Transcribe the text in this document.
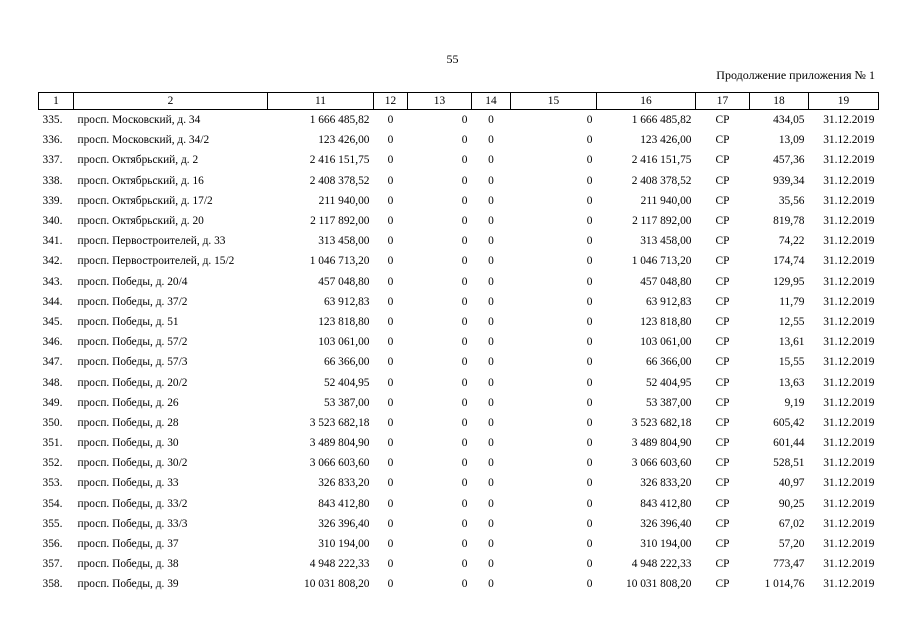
55
Продолжение приложения № 1
1	2	11	12	13	14	15	16	17	18	19
335.	просп. Московский, д. 34	1 666 485,82	0	0	0	0	1 666 485,82	СР	434,05	31.12.2019
336.	просп. Московский, д. 34/2	123 426,00	0	0	0	0	123 426,00	СР	13,09	31.12.2019
337.	просп. Октябрьский, д. 2	2 416 151,75	0	0	0	0	2 416 151,75	СР	457,36	31.12.2019
338.	просп. Октябрьский, д. 16	2 408 378,52	0	0	0	0	2 408 378,52	СР	939,34	31.12.2019
339.	просп. Октябрьский, д. 17/2	211 940,00	0	0	0	0	211 940,00	СР	35,56	31.12.2019
340.	просп. Октябрьский, д. 20	2 117 892,00	0	0	0	0	2 117 892,00	СР	819,78	31.12.2019
341.	просп. Первостроителей, д. 33	313 458,00	0	0	0	0	313 458,00	СР	74,22	31.12.2019
342.	просп. Первостроителей, д. 15/2	1 046 713,20	0	0	0	0	1 046 713,20	СР	174,74	31.12.2019
343.	просп. Победы, д. 20/4	457 048,80	0	0	0	0	457 048,80	СР	129,95	31.12.2019
344.	просп. Победы, д. 37/2	63 912,83	0	0	0	0	63 912,83	СР	11,79	31.12.2019
345.	просп. Победы, д. 51	123 818,80	0	0	0	0	123 818,80	СР	12,55	31.12.2019
346.	просп. Победы, д. 57/2	103 061,00	0	0	0	0	103 061,00	СР	13,61	31.12.2019
347.	просп. Победы, д. 57/3	66 366,00	0	0	0	0	66 366,00	СР	15,55	31.12.2019
348.	просп. Победы, д. 20/2	52 404,95	0	0	0	0	52 404,95	СР	13,63	31.12.2019
349.	просп. Победы, д. 26	53 387,00	0	0	0	0	53 387,00	СР	9,19	31.12.2019
350.	просп. Победы, д. 28	3 523 682,18	0	0	0	0	3 523 682,18	СР	605,42	31.12.2019
351.	просп. Победы, д. 30	3 489 804,90	0	0	0	0	3 489 804,90	СР	601,44	31.12.2019
352.	просп. Победы, д. 30/2	3 066 603,60	0	0	0	0	3 066 603,60	СР	528,51	31.12.2019
353.	просп. Победы, д. 33	326 833,20	0	0	0	0	326 833,20	СР	40,97	31.12.2019
354.	просп. Победы, д. 33/2	843 412,80	0	0	0	0	843 412,80	СР	90,25	31.12.2019
355.	просп. Победы, д. 33/3	326 396,40	0	0	0	0	326 396,40	СР	67,02	31.12.2019
356.	просп. Победы, д. 37	310 194,00	0	0	0	0	310 194,00	СР	57,20	31.12.2019
357.	просп. Победы, д. 38	4 948 222,33	0	0	0	0	4 948 222,33	СР	773,47	31.12.2019
358.	просп. Победы, д. 39	10 031 808,20	0	0	0	0	10 031 808,20	СР	1 014,76	31.12.2019
